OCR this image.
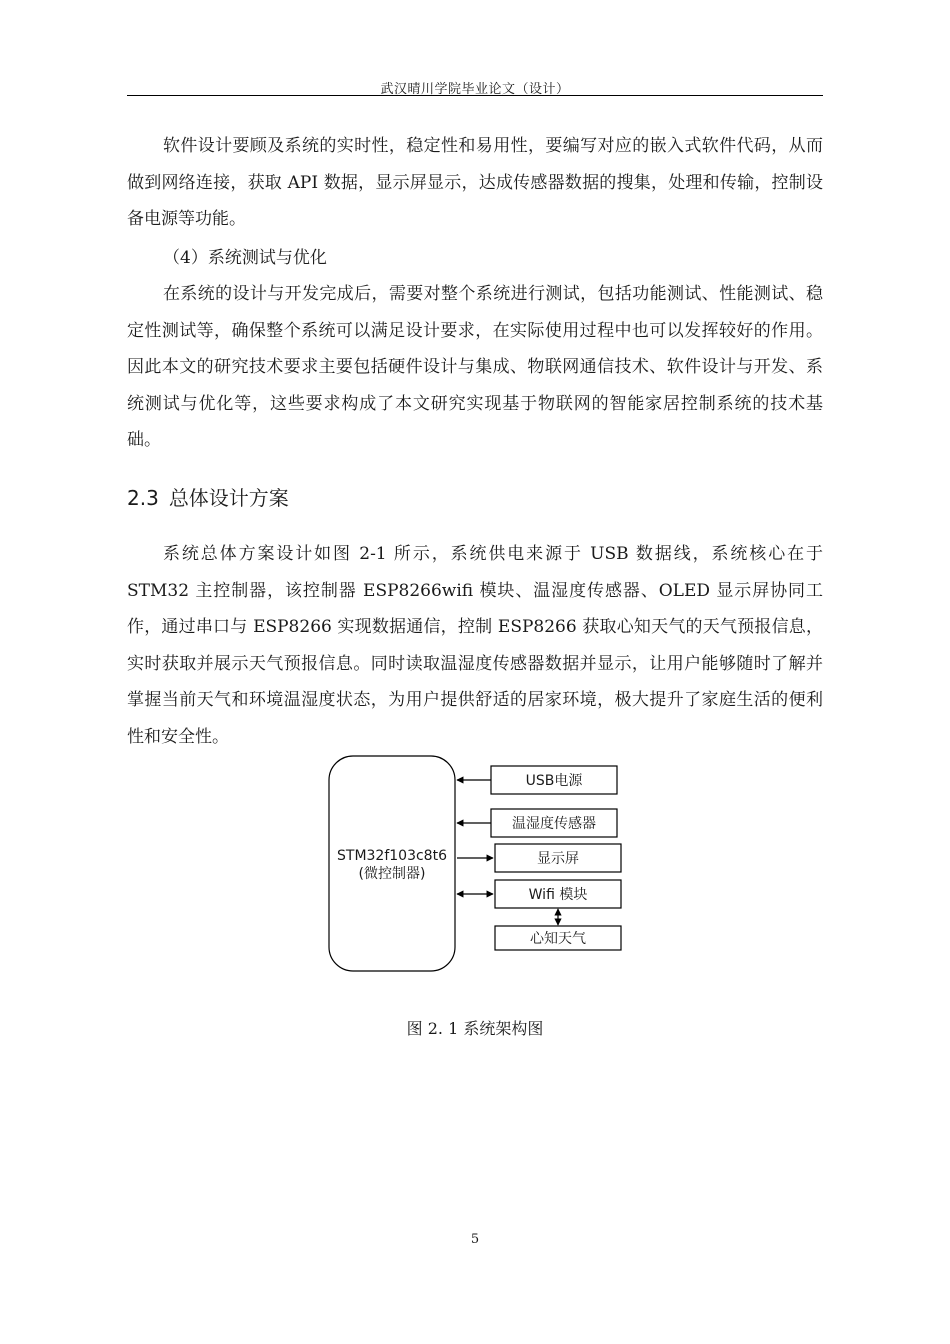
武汉晴川学院毕业论文（设计）

软件设计要顾及系统的实时性，稳定性和易用性，要编写对应的嵌入式软件代码，从而做到网络连接，获取 API 数据，显示屏显示，达成传感器数据的搜集，处理和传输，控制设备电源等功能。

（4）系统测试与优化

在系统的设计与开发完成后，需要对整个系统进行测试，包括功能测试、性能测试、稳定性测试等，确保整个系统可以满足设计要求，在实际使用过程中也可以发挥较好的作用。因此本文的研究技术要求主要包括硬件设计与集成、物联网通信技术、软件设计与开发、系统测试与优化等，这些要求构成了本文研究实现基于物联网的智能家居控制系统的技术基础。

2.3 总体设计方案

系统总体方案设计如图 2-1 所示，系统供电来源于 USB 数据线，系统核心在于 STM32 主控制器，该控制器 ESP8266wifi 模块、温湿度传感器、OLED 显示屏协同工作，通过串口与 ESP8266 实现数据通信，控制 ESP8266 获取心知天气的天气预报信息，实时获取并展示天气预报信息。同时读取温湿度传感器数据并显示，让用户能够随时了解并掌握当前天气和环境温湿度状态，为用户提供舒适的居家环境，极大提升了家庭生活的便利性和安全性。

STM32f103c8t6
(微控制器)
USB电源
温湿度传感器
显示屏
Wifi 模块
心知天气
图 2. 1 系统架构图
5
